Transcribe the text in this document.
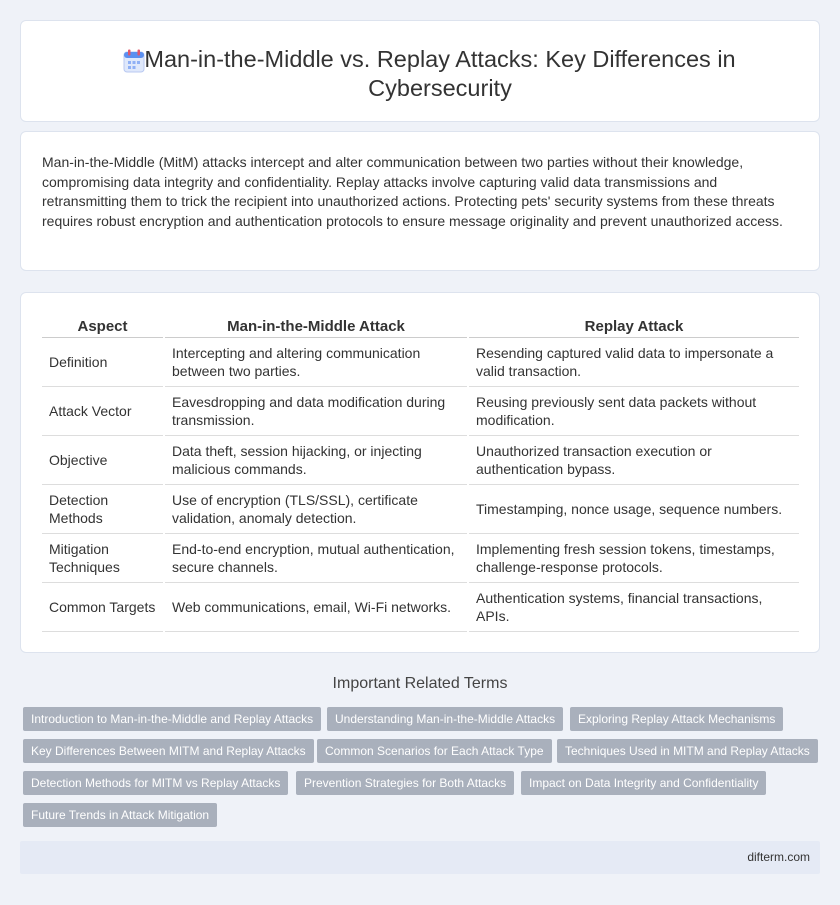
Man-in-the-Middle vs. Replay Attacks: Key Differences in Cybersecurity

Man-in-the-Middle (MitM) attacks intercept and alter communication between two parties without their knowledge, compromising data integrity and confidentiality. Replay attacks involve capturing valid data transmissions and retransmitting them to trick the recipient into unauthorized actions. Protecting pets' security systems from these threats requires robust encryption and authentication protocols to ensure message originality and prevent unauthorized access.

Aspect	Man-in-the-Middle Attack	Replay Attack
Definition	Intercepting and altering communication between two parties.	Resending captured valid data to impersonate a valid transaction.
Attack Vector	Eavesdropping and data modification during transmission.	Reusing previously sent data packets without modification.
Objective	Data theft, session hijacking, or injecting malicious commands.	Unauthorized transaction execution or authentication bypass.
Detection Methods	Use of encryption (TLS/SSL), certificate validation, anomaly detection.	Timestamping, nonce usage, sequence numbers.
Mitigation Techniques	End-to-end encryption, mutual authentication, secure channels.	Implementing fresh session tokens, timestamps, challenge-response protocols.
Common Targets	Web communications, email, Wi-Fi networks.	Authentication systems, financial transactions, APIs.
Important Related Terms
Introduction to Man-in-the-Middle and Replay Attacks	Understanding Man-in-the-Middle Attacks	Exploring Replay Attack Mechanisms
Key Differences Between MITM and Replay Attacks	Common Scenarios for Each Attack Type	Techniques Used in MITM and Replay Attacks
Detection Methods for MITM vs Replay Attacks	Prevention Strategies for Both Attacks	Impact on Data Integrity and Confidentiality
Future Trends in Attack Mitigation
difterm.com
